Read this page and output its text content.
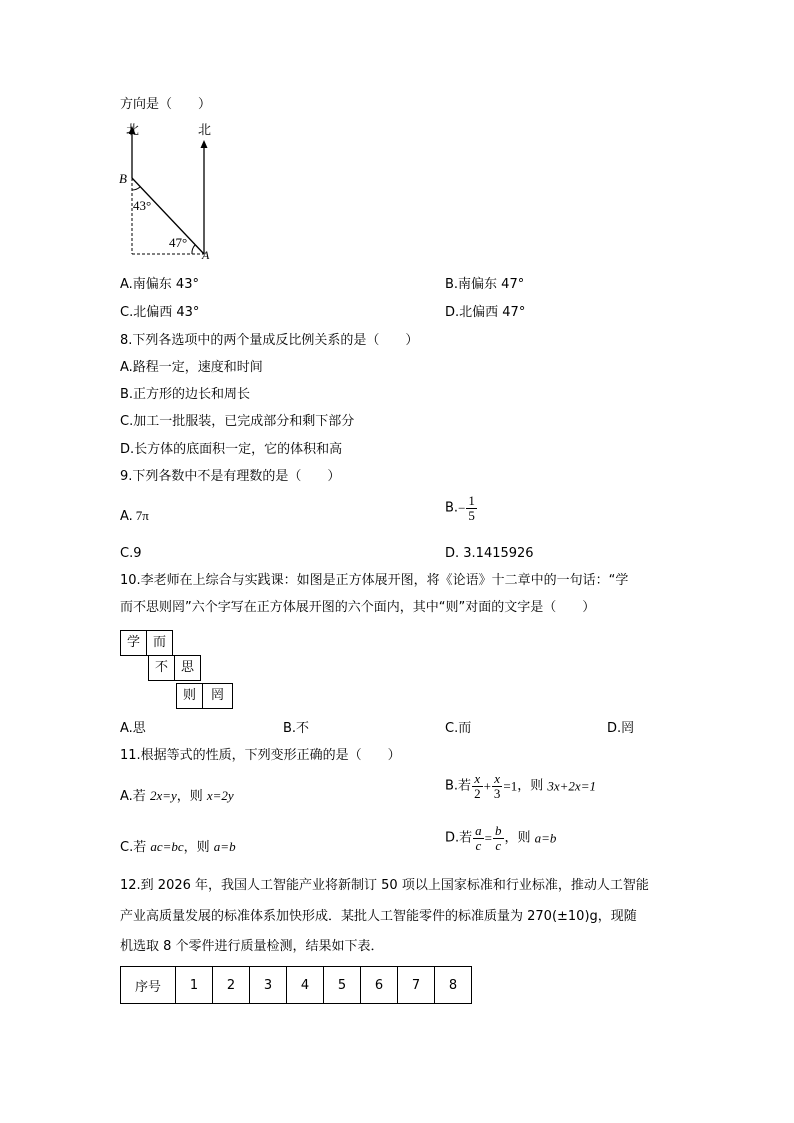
方向是（　　）
北	北
B
A
43°
47°
A.南偏东 43°	B.南偏东 47°
C.北偏西 43°	D.北偏西 47°
8.下列各选项中的两个量成反比例关系的是（　　）
A.路程一定，速度和时间
B.正方形的边长和周长
C.加工一批服装，已完成部分和剩下部分
D.长方体的底面积一定，它的体积和高
9.下列各数中不是有理数的是（　　）
A. 7π	$B.- \frac{1}{5}$
C.9	D. 3.1415926
10.李老师在上综合与实践课：如图是正方体展开图，将《论语》十二章中的一句话：“学
而不思则罔”六个字写在正方体展开图的六个面内，其中“则”对面的文字是（　　）
学 而
不 思
则	罔
A.思	B.不	C.而	D.罔
11.根据等式的性质，下列变形正确的是（　　）
A.若 2x=y，则 x=2y
B.若 $\frac{x}{2} + \frac{x}{3} =1$，则 3x+2x=1
C.若 ac=bc，则 a=b
D.若 $\frac{a}{c} = \frac{b}{c}$ ，则 a=b
12.到 2026 年，我国人工智能产业将新制订 50 项以上国家标准和行业标准，推动人工智能
产业高质量发展的标准体系加快形成．某批人工智能零件的标准质量为 270(±10)g，现随
机选取 8 个零件进行质量检测，结果如下表．
序号	1	2	3	4	5	6	7	8
